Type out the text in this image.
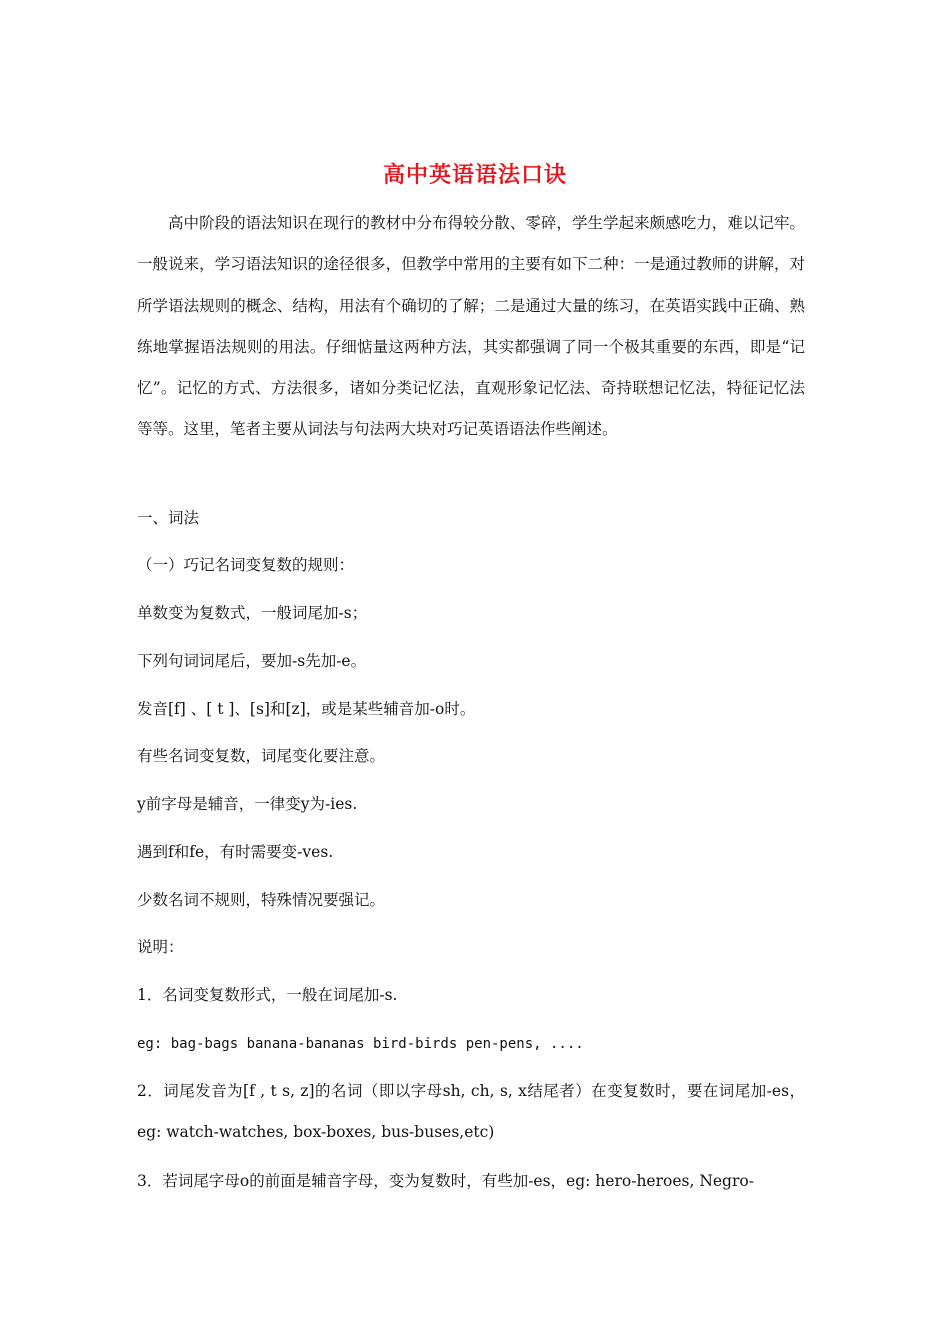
高中英语语法口诀
高中阶段的语法知识在现行的教材中分布得较分散、零碎，学生学起来颇感吃力，难以记牢。一般说来，学习语法知识的途径很多，但教学中常用的主要有如下二种：一是通过教师的讲解，对所学语法规则的概念、结构，用法有个确切的了解；二是通过大量的练习，在英语实践中正确、熟练地掌握语法规则的用法。仔细惦量这两种方法，其实都强调了同一个极其重要的东西，即是“记忆”。记忆的方式、方法很多，诸如分类记忆法，直观形象记忆法、奇持联想记忆法，特征记忆法等等。这里，笔者主要从词法与句法两大块对巧记英语语法作些阐述。
一、词法
（一）巧记名词变复数的规则：
单数变为复数式，一般词尾加-s；
下列句词词尾后，要加-s先加-e。
发音[f] 、[ t ]、[s]和[z]，或是某些辅音加-o时。
有些名词变复数，词尾变化要注意。
y前字母是辅音，一律变y为-ies.
遇到f和fe，有时需要变-ves.
少数名词不规则，特殊情况要强记。
说明：
1．名词变复数形式，一般在词尾加-s.
eg: bag-bags banana-bananas bird-birds pen-pens, ....
2．词尾发音为[f , t s, z]的名词（即以字母sh, ch, s, x结尾者）在变复数时，要在词尾加-es，eg: watch-watches, box-boxes, bus-buses,etc)
3．若词尾字母o的前面是辅音字母，变为复数时，有些加-es，eg: hero-heroes, Negro-
